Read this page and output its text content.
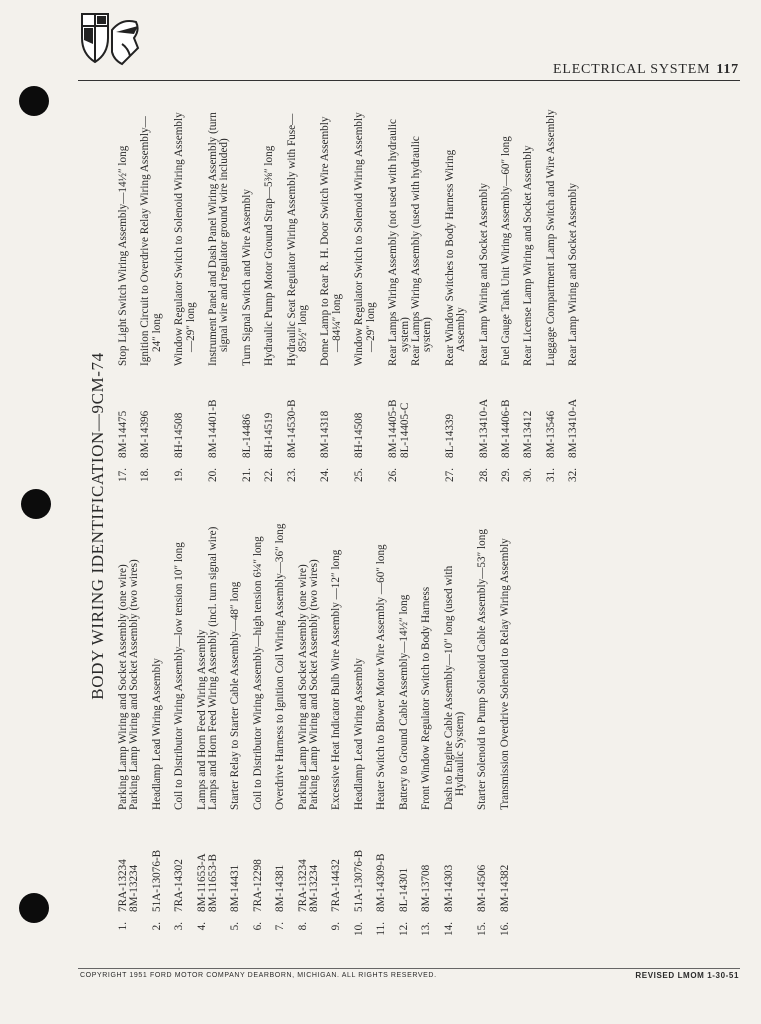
ELECTRICAL SYSTEM 117
BODY WIRING IDENTIFICATION—9CM-74
1.
7RA-13234 8M-13234
Parking Lamp Wiring and Socket Assembly (one wire) Parking Lamp Wiring and Socket Assembly (two wires)
2.
51A-13076-B
Headlamp Lead Wiring Assembly
3.
7RA-14302
Coil to Distributor Wiring Assembly—low tension 10″ long
4.
8M-11653-A 8M-11653-B
Lamps and Horn Feed Wiring Assembly Lamps and Horn Feed Wiring Assembly (incl. turn signal wire)
5.
8M-14431
Starter Relay to Starter Cable Assembly—48″ long
6.
7RA-12298
Coil to Distributor Wiring Assembly—high tension 6¼″ long
7.
8M-14381
Overdrive Harness to Ignition Coil Wiring Assembly—36″ long
8.
7RA-13234 8M-13234
Parking Lamp Wiring and Socket Assembly (one wire) Parking Lamp Wiring and Socket Assembly (two wires)
9.
7RA-14432
Excessive Heat Indicator Bulb Wire Assembly —12″ long
10.
51A-13076-B
Headlamp Lead Wiring Assembly
11.
8M-14309-B
Heater Switch to Blower Motor Wire Assembly —60″ long
12.
8L-14301
Battery to Ground Cable Assembly—14½″ long
13.
8M-13708
Front Window Regulator Switch to Body Harness
14.
8M-14303
Dash to Engine Cable Assembly—10″ long (used with Hydraulic System)
15.
8M-14506
Starter Solenoid to Pump Solenoid Cable Assembly—53″ long
16.
8M-14382
Transmission Overdrive Solenoid to Relay Wiring Assembly
17.
8M-14475
Stop Light Switch Wiring Assembly—14½″ long
18.
8M-14396
Ignition Circuit to Overdrive Relay Wiring Assembly—24″ long
19.
8H-14508
Window Regulator Switch to Solenoid Wiring Assembly—29″ long
20.
8M-14401-B
Instrument Panel and Dash Panel Wiring Assembly (turn signal wire and regulator ground wire included)
21.
8L-14486
Turn Signal Switch and Wire Assembly
22.
8H-14519
Hydraulic Pump Motor Ground Strap—5⅜″ long
23.
8M-14530-B
Hydraulic Seat Regulator Wiring Assembly with Fuse—85½″ long
24.
8M-14318
Dome Lamp to Rear R. H. Door Switch Wire Assembly—84¼″ long
25.
8H-14508
Window Regulator Switch to Solenoid Wiring Assembly—29″ long
26.
8M-14405-B 8L-14405-C
Rear Lamps Wiring Assembly (not used with hydraulic system) Rear Lamps Wiring Assembly (used with hydraulic system)
27.
8L-14339
Rear Window Switches to Body Harness Wiring Assembly
28.
8M-13410-A
Rear Lamp Wiring and Socket Assembly
29.
8M-14406-B
Fuel Gauge Tank Unit Wiring Assembly—60″ long
30.
8M-13412
Rear License Lamp Wiring and Socket Assembly
31.
8M-13546
Luggage Compartment Lamp Switch and Wire Assembly
32.
8M-13410-A
Rear Lamp Wiring and Socket Assembly
COPYRIGHT 1951 FORD MOTOR COMPANY DEARBORN, MICHIGAN. ALL RIGHTS RESERVED.	REVISED LMOM 1-30-51
